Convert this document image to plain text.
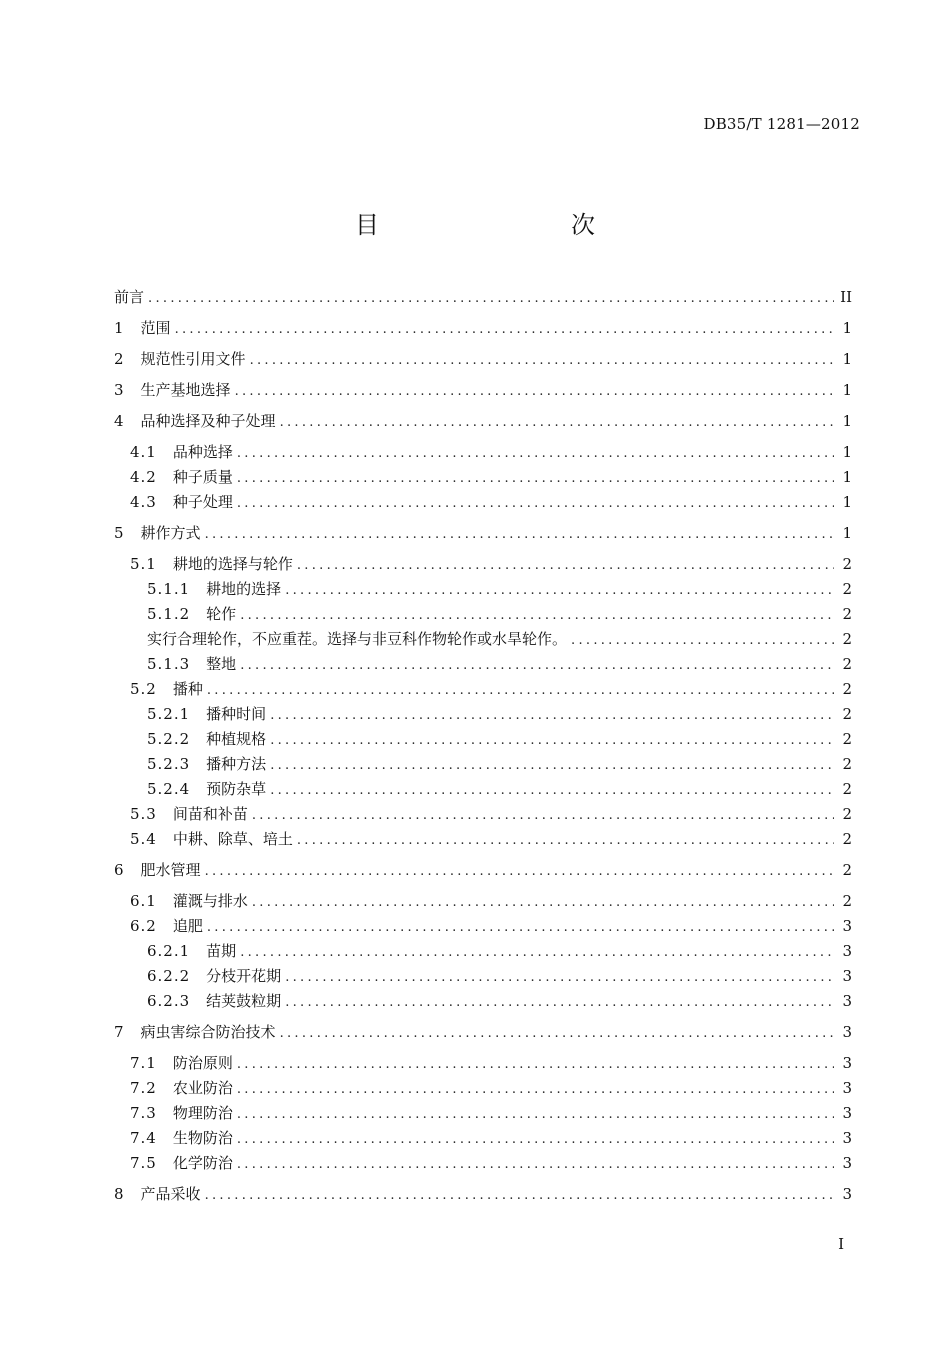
DB35/T 1281—2012
目　　次
前言 .....	II
1 范围 .....	1
2 规范性引用文件 .....	1
3 生产基地选择 .....	1
4 品种选择及种子处理 .....	1
4.1 品种选择 .....	1
4.2 种子质量 .....	1
4.3 种子处理 .....	1
5 耕作方式 .....	1
5.1 耕地的选择与轮作 .....	2
5.1.1 耕地的选择 .....	2
5.1.2 轮作 .....	2
实行合理轮作，不应重茬。选择与非豆科作物轮作或水旱轮作。 .....	2
5.1.3 整地 .....	2
5.2 播种 .....	2
5.2.1 播种时间 .....	2
5.2.2 种植规格 .....	2
5.2.3 播种方法 .....	2
5.2.4 预防杂草 .....	2
5.3 间苗和补苗 .....	2
5.4 中耕、除草、培土 .....	2
6 肥水管理 .....	2
6.1 灌溉与排水 .....	2
6.2 追肥 .....	3
6.2.1 苗期 .....	3
6.2.2 分枝开花期 .....	3
6.2.3 结荚鼓粒期 .....	3
7 病虫害综合防治技术 .....	3
7.1 防治原则 .....	3
7.2 农业防治 .....	3
7.3 物理防治 .....	3
7.4 生物防治 .....	3
7.5 化学防治 .....	3
8 产品采收 .....	3
I
